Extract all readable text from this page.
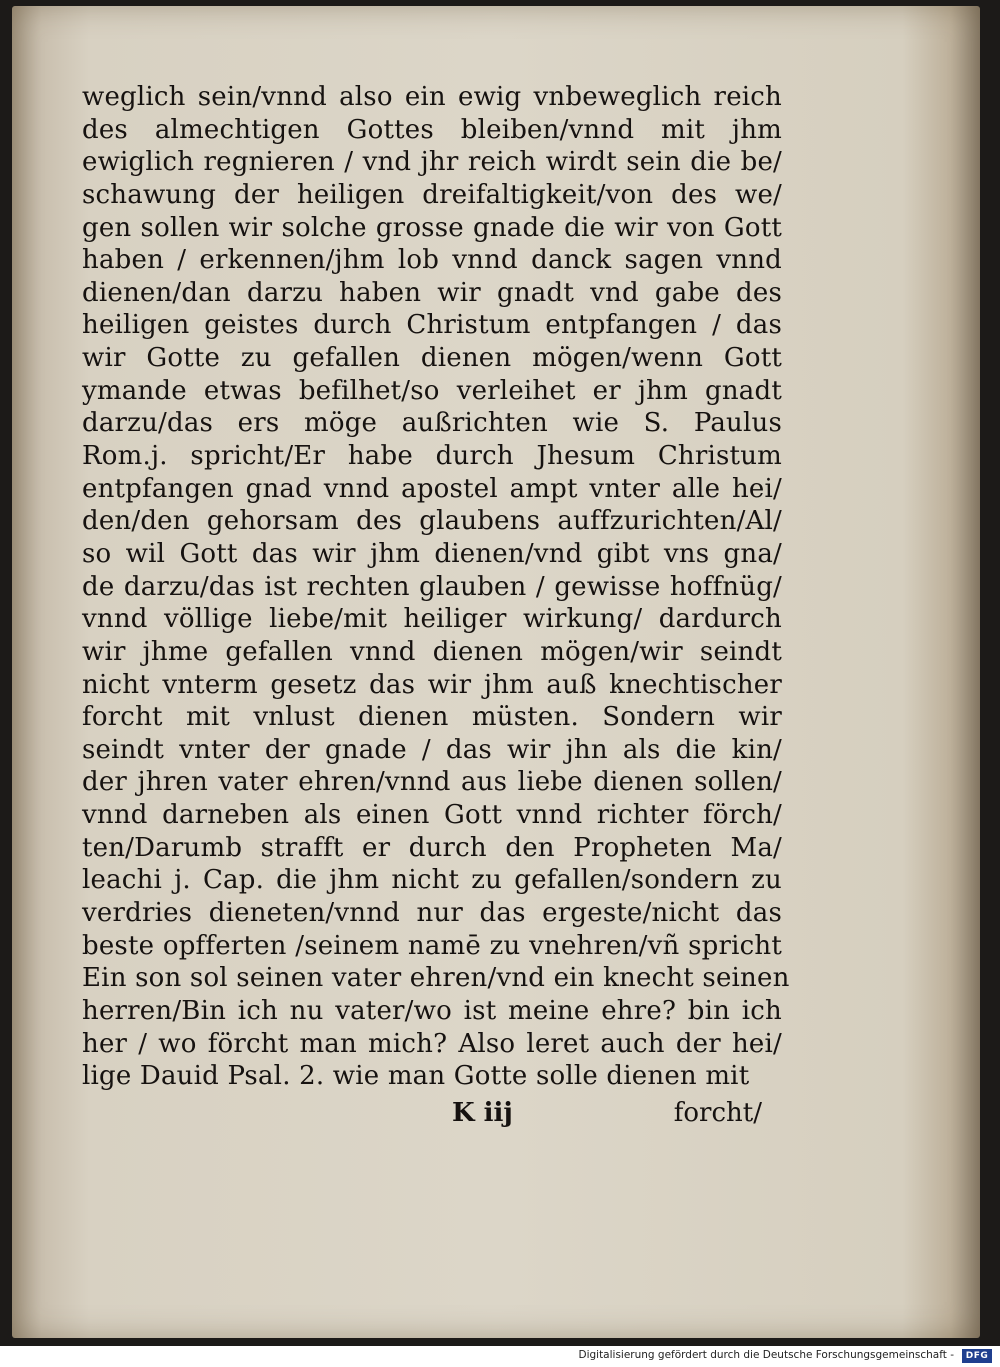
weglich sein/vnnd also ein ewig vnbeweglich reich
des almechtigen Gottes bleiben/vnnd mit jhm
ewiglich regnieren / vnd jhr reich wirdt sein die be/
schawung der heiligen dreifaltigkeit/von des we/
gen sollen wir solche grosse gnade die wir von Gott
haben / erkennen/jhm lob vnnd danck sagen vnnd
dienen/dan darzu haben wir gnadt vnd gabe des
heiligen geistes durch Christum entpfangen / das
wir Gotte zu gefallen dienen mögen/wenn Gott
ymande etwas befilhet/so verleihet er jhm gnadt
darzu/das ers möge außrichten wie S. Paulus
Rom.j. spricht/Er habe durch Jhesum Christum
entpfangen gnad vnnd apostel ampt vnter alle hei/
den/den gehorsam des glaubens auffzurichten/Al/
so wil Gott das wir jhm dienen/vnd gibt vns gna/
de darzu/das ist rechten glauben / gewisse hoffnüg/
vnnd völlige liebe/mit heiliger wirkung/ dardurch
wir jhme gefallen vnnd dienen mögen/wir seindt
nicht vnterm gesetz das wir jhm auß knechtischer
forcht mit vnlust dienen müsten. Sondern wir
seindt vnter der gnade / das wir jhn als die kin/
der jhren vater ehren/vnnd aus liebe dienen sollen/
vnnd darneben als einen Gott vnnd richter förch/
ten/Darumb strafft er durch den Propheten Ma/
leachi j. Cap. die jhm nicht zu gefallen/sondern zu
verdries dieneten/vnnd nur das ergeste/nicht das
beste opfferten /seinem namē zu vnehren/vñ spricht
Ein son sol seinen vater ehren/vnd ein knecht seinen
herren/Bin ich nu vater/wo ist meine ehre? bin ich
her / wo förcht man mich? Also leret auch der hei/
lige Dauid Psal. 2. wie man Gotte solle dienen mit
K iij	forcht/
Digitalisierung gefördert durch die Deutsche Forschungsgemeinschaft -	DFG
